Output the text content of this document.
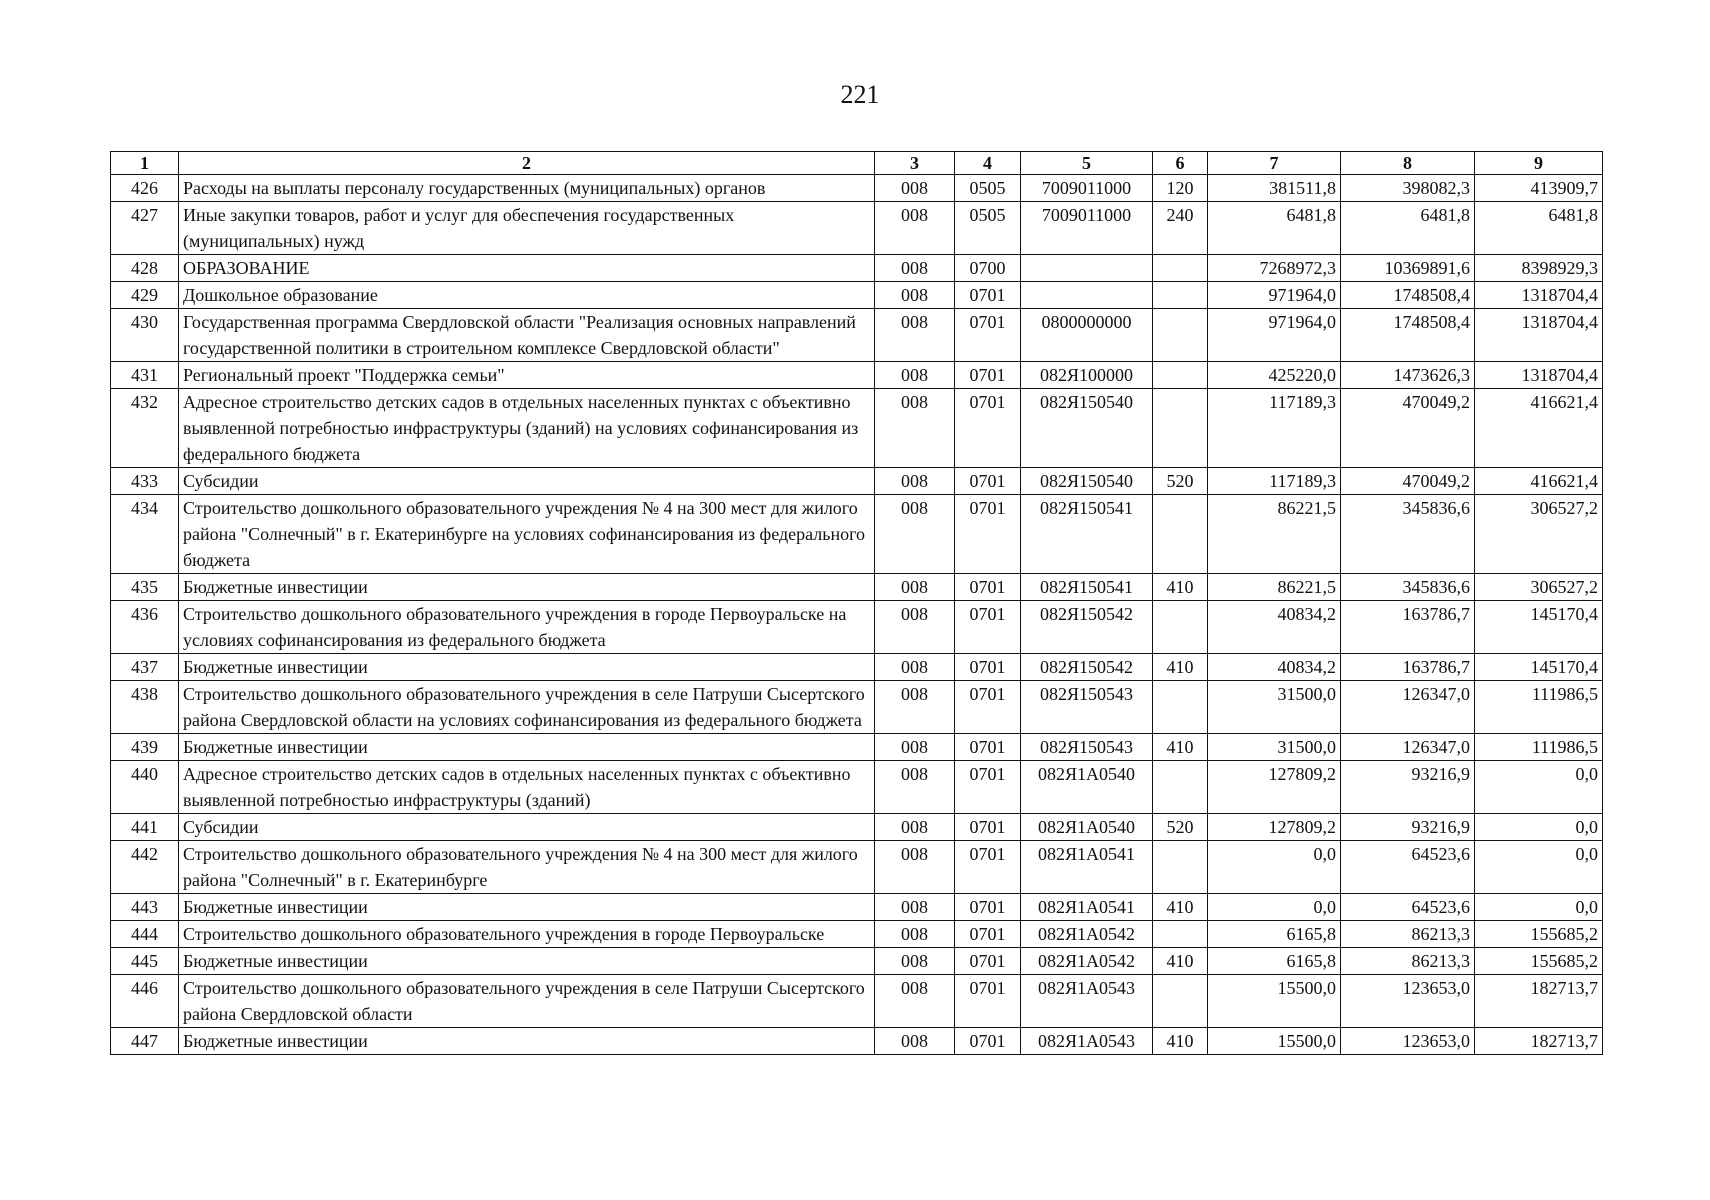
221
1	2	3	4	5	6	7	8	9
426	Расходы на выплаты персоналу государственных (муниципальных) органов	008	0505	7009011000	120	381511,8	398082,3	413909,7
427	Иные закупки товаров, работ и услуг для обеспечения государственных (муниципальных) нужд	008	0505	7009011000	240	6481,8	6481,8	6481,8
428	ОБРАЗОВАНИЕ	008	0700			7268972,3	10369891,6	8398929,3
429	Дошкольное образование	008	0701			971964,0	1748508,4	1318704,4
430	Государственная программа Свердловской области "Реализация основных направлений государственной политики в строительном комплексе Свердловской области"	008	0701	0800000000		971964,0	1748508,4	1318704,4
431	Региональный проект "Поддержка семьи"	008	0701	082Я100000		425220,0	1473626,3	1318704,4
432	Адресное строительство детских садов в отдельных населенных пунктах с объективно выявленной потребностью инфраструктуры (зданий) на условиях софинансирования из федерального бюджета	008	0701	082Я150540		117189,3	470049,2	416621,4
433	Субсидии	008	0701	082Я150540	520	117189,3	470049,2	416621,4
434	Строительство дошкольного образовательного учреждения № 4 на 300 мест для жилого района "Солнечный" в г. Екатеринбурге на условиях софинансирования из федерального бюджета	008	0701	082Я150541		86221,5	345836,6	306527,2
435	Бюджетные инвестиции	008	0701	082Я150541	410	86221,5	345836,6	306527,2
436	Строительство дошкольного образовательного учреждения в городе Первоуральске на условиях софинансирования из федерального бюджета	008	0701	082Я150542		40834,2	163786,7	145170,4
437	Бюджетные инвестиции	008	0701	082Я150542	410	40834,2	163786,7	145170,4
438	Строительство дошкольного образовательного учреждения в селе Патруши Сысертского района Свердловской области на условиях софинансирования из федерального бюджета	008	0701	082Я150543		31500,0	126347,0	111986,5
439	Бюджетные инвестиции	008	0701	082Я150543	410	31500,0	126347,0	111986,5
440	Адресное строительство детских садов в отдельных населенных пунктах с объективно выявленной потребностью инфраструктуры (зданий)	008	0701	082Я1А0540		127809,2	93216,9	0,0
441	Субсидии	008	0701	082Я1А0540	520	127809,2	93216,9	0,0
442	Строительство дошкольного образовательного учреждения № 4 на 300 мест для жилого района "Солнечный" в г. Екатеринбурге	008	0701	082Я1А0541		0,0	64523,6	0,0
443	Бюджетные инвестиции	008	0701	082Я1А0541	410	0,0	64523,6	0,0
444	Строительство дошкольного образовательного учреждения в городе Первоуральске	008	0701	082Я1А0542		6165,8	86213,3	155685,2
445	Бюджетные инвестиции	008	0701	082Я1А0542	410	6165,8	86213,3	155685,2
446	Строительство дошкольного образовательного учреждения в селе Патруши Сысертского района Свердловской области	008	0701	082Я1А0543		15500,0	123653,0	182713,7
447	Бюджетные инвестиции	008	0701	082Я1А0543	410	15500,0	123653,0	182713,7
